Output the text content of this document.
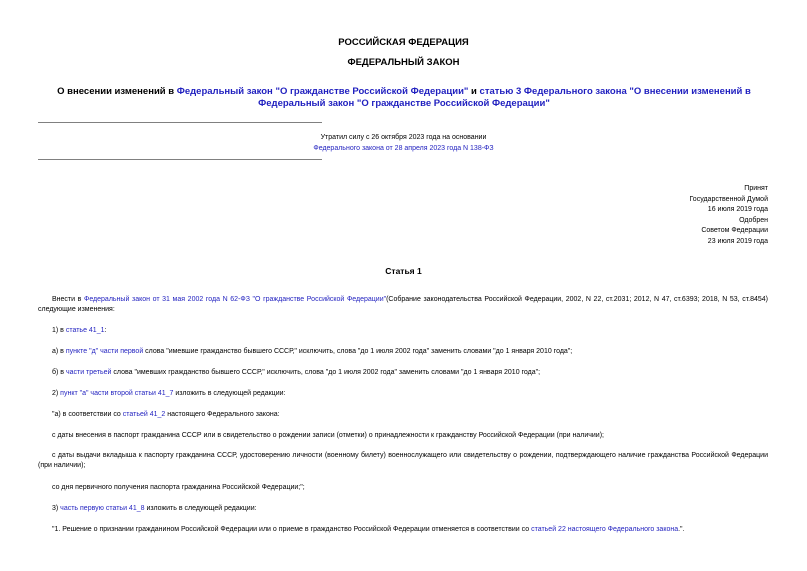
РОССИЙСКАЯ ФЕДЕРАЦИЯ
ФЕДЕРАЛЬНЫЙ ЗАКОН
О внесении изменений в Федеральный закон "О гражданстве Российской Федерации" и статью 3 Федерального закона "О внесении изменений в Федеральный закон "О гражданстве Российской Федерации"
Утратил силу с 26 октября 2023 года на основании
Федерального закона от 28 апреля 2023 года N 138-ФЗ
Принят
Государственной Думой
16 июля 2019 года
Одобрен
Советом Федерации
23 июля 2019 года
Статья 1
Внести в Федеральный закон от 31 мая 2002 года N 62-ФЗ "О гражданстве Российской Федерации"(Собрание законодательства Российской Федерации, 2002, N 22, ст.2031; 2012, N 47, ст.6393; 2018, N 53, ст.8454) следующие изменения:
1) в статье 41_1:
а) в пункте "д" части первой слова "имевшие гражданство бывшего СССР," исключить, слова "до 1 июля 2002 года" заменить словами "до 1 января 2010 года";
б) в части третьей слова "имевших гражданство бывшего СССР," исключить, слова "до 1 июля 2002 года" заменить словами "до 1 января 2010 года";
2) пункт "а" части второй статьи 41_7 изложить в следующей редакции:
"а) в соответствии со статьей 41_2 настоящего Федерального закона:
с даты внесения в паспорт гражданина СССР или в свидетельство о рождении записи (отметки) о принадлежности к гражданству Российской Федерации (при наличии);
с даты выдачи вкладыша к паспорту гражданина СССР, удостоверению личности (военному билету) военнослужащего или свидетельству о рождении, подтверждающего наличие гражданства Российской Федерации (при наличии);
со дня первичного получения паспорта гражданина Российской Федерации;";
3) часть первую статьи 41_8 изложить в следующей редакции:
"1. Решение о признании гражданином Российской Федерации или о приеме в гражданство Российской Федерации отменяется в соответствии со статьей 22 настоящего Федерального закона.".
